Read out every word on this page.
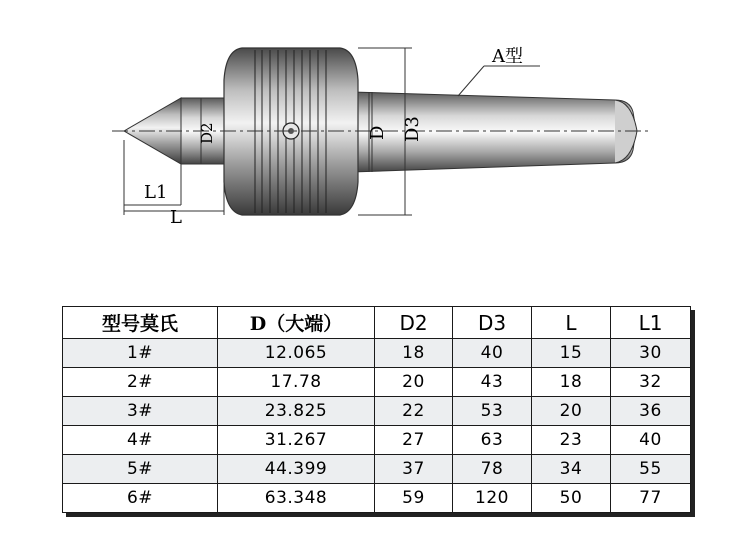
A型
D2	D D3
L1
L
型号莫氏	D（大端）	D2	D3	L	L1
1#	12.065	18	40	15	30
2#	17.78	20	43	18	32
3#	23.825	22	53	20	36
4#	31.267	27	63	23	40
5#	44.399	37	78	34	55
6#	63.348	59	120	50	77
